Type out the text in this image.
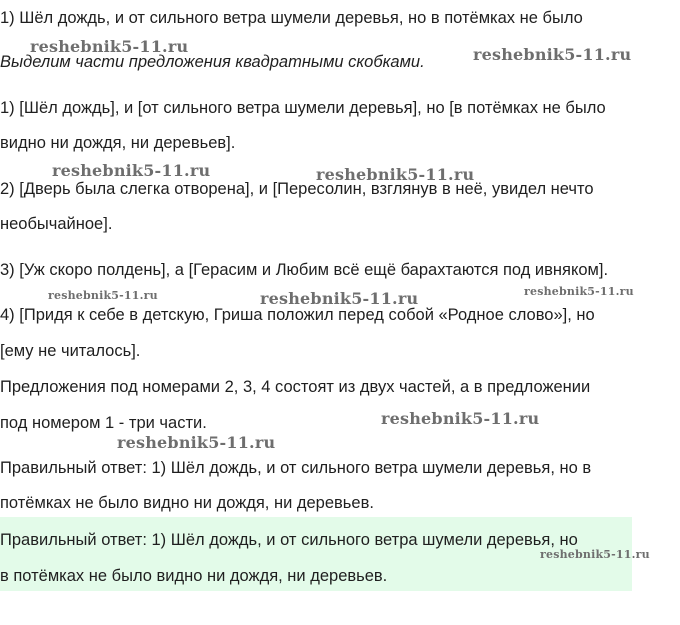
1) Шёл дождь, и от сильного ветра шумели деревья, но в потёмках не было
Выделим части предложения квадратными скобками.
1) [Шёл дождь], и [от сильного ветра шумели деревья], но [в потёмках не было
видно ни дождя, ни деревьев].
2) [Дверь была слегка отворена], и [Пересолин, взглянув в неё, увидел нечто
необычайное].
3) [Уж скоро полдень], а [Герасим и Любим всё ещё барахтаются под ивняком].
4) [Придя к себе в детскую, Гриша положил перед собой «Родное слово»], но
[ему не читалось].
Предложения под номерами 2, 3, 4 состоят из двух частей, а в предложении
под номером 1 - три части.
Правильный ответ: 1) Шёл дождь, и от сильного ветра шумели деревья, но в
потёмках не было видно ни дождя, ни деревьев.
Правильный ответ: 1) Шёл дождь, и от сильного ветра шумели деревья, но
в потёмках не было видно ни дождя, ни деревьев.
reshebnik5-11.ru	reshebnik5-11.ru
reshebnik5-11.ru	reshebnik5-11.ru
reshebnik5-11.ru	reshebnik5-11.ru	reshebnik5-11.ru
reshebnik5-11.ru
reshebnik5-11.ru
reshebnik5-11.ru
